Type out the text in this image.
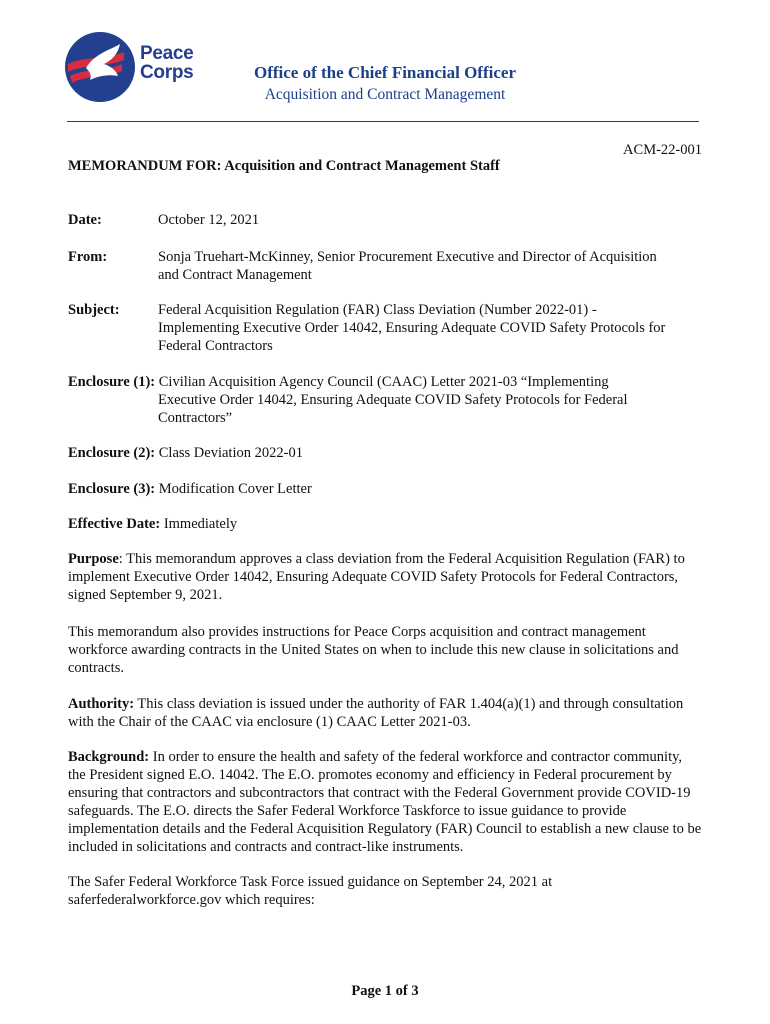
Peace
Corps	Office of the Chief Financial Officer
Acquisition and Contract Management
ACM-22-001
MEMORANDUM FOR: Acquisition and Contract Management Staff
Date:	October 12, 2021
From:	Sonja Truehart-McKinney, Senior Procurement Executive and Director of Acquisition
and Contract Management
Subject:	Federal Acquisition Regulation (FAR) Class Deviation (Number 2022-01) -
Implementing Executive Order 14042, Ensuring Adequate COVID Safety Protocols for
Federal Contractors
Enclosure (1): Civilian Acquisition Agency Council (CAAC) Letter 2021-03 “Implementing
Executive Order 14042, Ensuring Adequate COVID Safety Protocols for Federal
Contractors”
Enclosure (2): Class Deviation 2022-01
Enclosure (3): Modification Cover Letter
Effective Date: Immediately
Purpose: This memorandum approves a class deviation from the Federal Acquisition Regulation (FAR) to implement Executive Order 14042, Ensuring Adequate COVID Safety Protocols for Federal Contractors, signed September 9, 2021.
This memorandum also provides instructions for Peace Corps acquisition and contract management workforce awarding contracts in the United States on when to include this new clause in solicitations and contracts.
Authority: This class deviation is issued under the authority of FAR 1.404(a)(1) and through consultation with the Chair of the CAAC via enclosure (1) CAAC Letter 2021-03.
Background: In order to ensure the health and safety of the federal workforce and contractor community, the President signed E.O. 14042. The E.O. promotes economy and efficiency in Federal procurement by ensuring that contractors and subcontractors that contract with the Federal Government provide COVID-19 safeguards. The E.O. directs the Safer Federal Workforce Taskforce to issue guidance to provide implementation details and the Federal Acquisition Regulatory (FAR) Council to establish a new clause to be included in solicitations and contracts and contract-like instruments.
The Safer Federal Workforce Task Force issued guidance on September 24, 2021 at saferfederalworkforce.gov which requires:
Page 1 of 3
